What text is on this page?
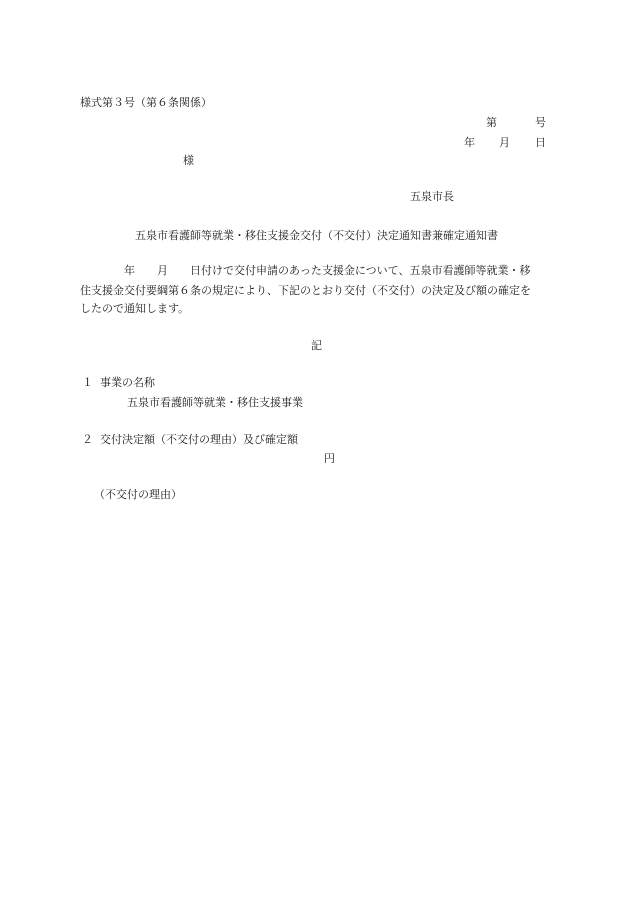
様式第３号（第６条関係）

第	号

年 月 日

様

五泉市長

五泉市看護師等就業・移住支援金交付（不交付）決定通知書兼確定通知書

年 月 日付けで交付申請のあった支援金について、五泉市看護師等就業・移

住支援金交付要綱第６条の規定により、下記のとおり交付（不交付）の決定及び額の確定を

したので通知します。

記

１ 事業の名称

五泉市看護師等就業・移住支援事業

２ 交付決定額（不交付の理由）及び確定額

円

（不交付の理由）
